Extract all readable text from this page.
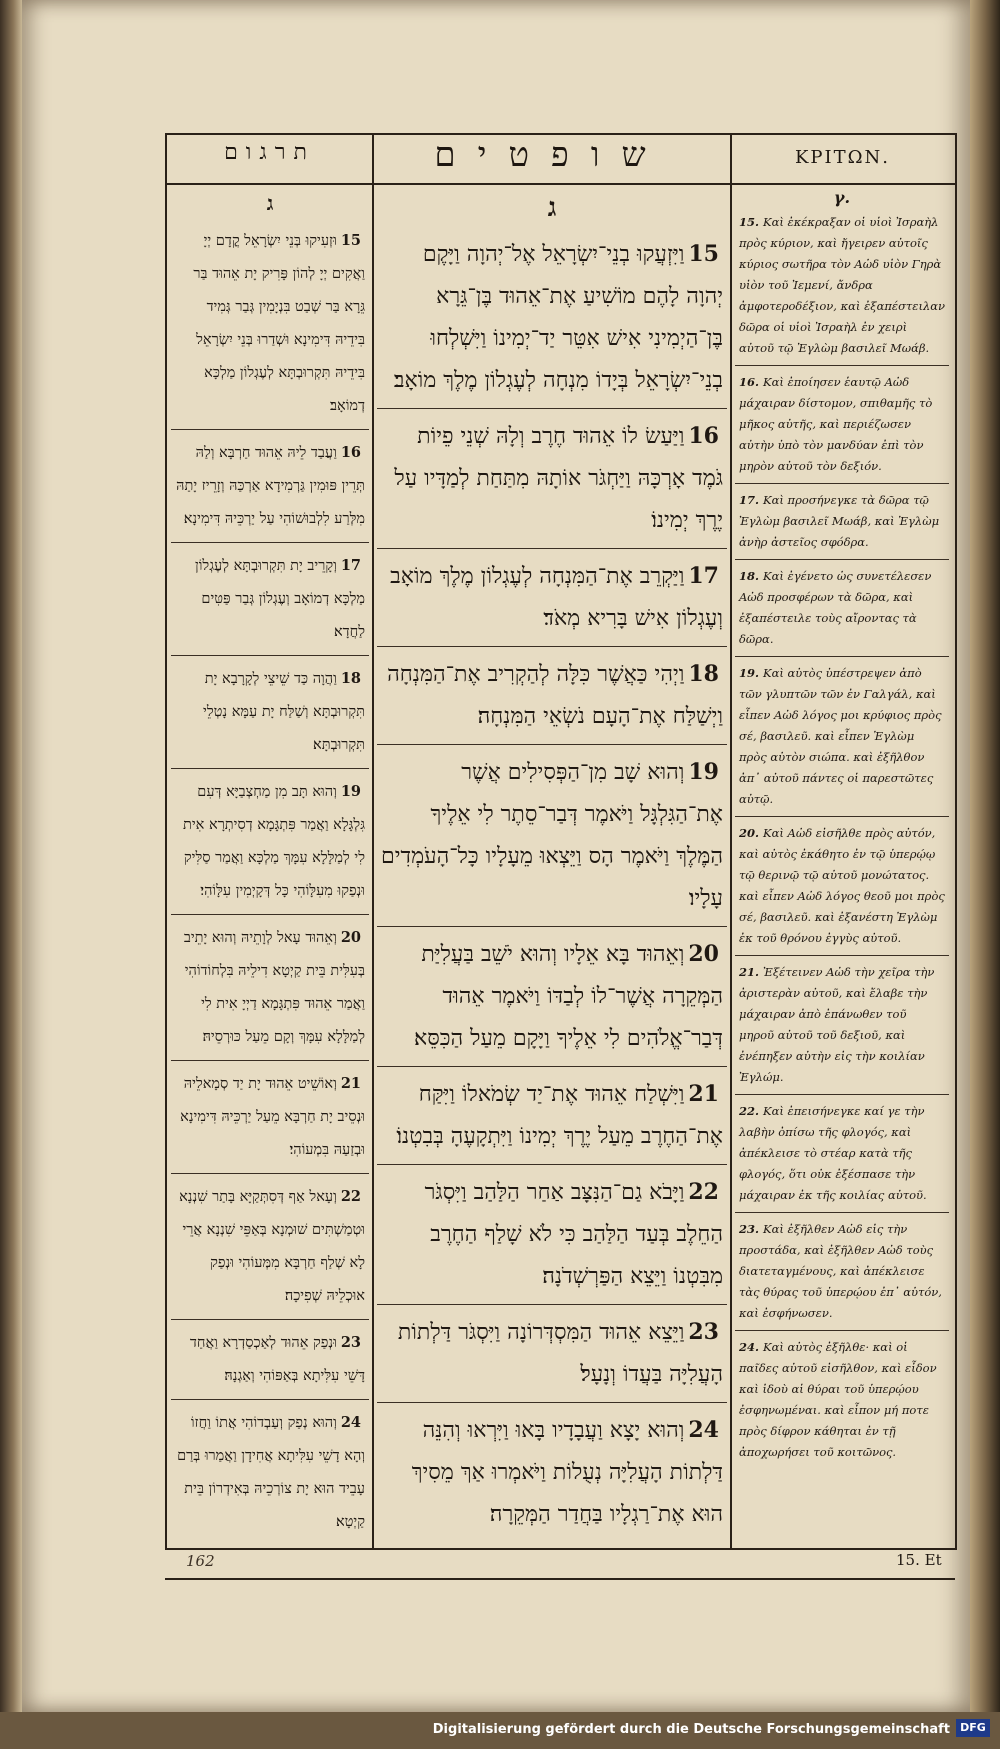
תרגום	שופטים	ΚΡΙΤΩΝ.
ג
15וּזְעִיקוּ בְּנֵי יִשְׂרָאֵל קֳדָם יְיָ וַאֲקִים יְיָ לְהוֹן פָּרִיק יָת אֵהוּד בַּר גֵּרָא בַּר שְׁבַט בִּנְיָמִין גְּבַר גְּמִיד בִּידֵיהּ דִּימִינָא וּשְׁדַרוּ בְּנֵי יִשְׂרָאֵל בִּידֵיהּ תִּקְרוּבְתָּא לְעֶגְלוֹן מַלְכָּא דְמוֹאָב׃
16וַעֲבַד לֵיהּ אֵהוּד חַרְבָּא וְלַהּ תְּרֵין פּוּמִין גַּרְמִידָא אַרְכַּהּ וְזָרֵיז יָתַהּ מִלְּרַע לִלְבוּשׁוֹהִי עַל יַרְכֵּיהּ דִּימִינָא׃
17וְקָרֵיב יָת תִּקְרוּבְתָּא לְעֶגְלוֹן מַלְכָּא דְמוֹאָב וְעֶגְלוֹן גְּבַר פַּטִּים לַחֲדָא׃
18וַהֲוָה כַּד שֵׁיצֵי לְקָרָבָא יָת תִּקְרוּבְתָּא וְשַׁלַּח יָת עַמָּא נָטְלֵי תִּקְרוּבְתָּא׃
19וְהוּא תָּב מִן מַחְצְבַיָּא דְּעִם גִּלְגָּלָא וַאֲמַר פִּתְגָּמָא דְסִיתְרָא אִית לִי לְמַלָּלָא עִמָּךְ מַלְכָּא וַאֲמַר סַלִּיק וּנְפַקוּ מִעִלָּוֹהִי כָּל דְּקָיְמִין עִלָּוֹהִי׃
20וְאֵהוּד עָאל לְוָתֵיהּ וְהוּא יָתֵיב בְּעִלִּית בֵּית קַיְטָא דִילֵיהּ בִּלְחוֹדוֹהִי וַאֲמַר אֵהוּד פִּתְגָּמָא דַיְיָ אִית לִי לְמַלָּלָא עִמָּךְ וְקָם מֵעַל כּוּרְסֵיהּ׃
21וְאוֹשֵׁיט אֵהוּד יָת יַד סְמָאלֵיהּ וּנְסֵיב יָת חַרְבָּא מֵעַל יַרְכֵּיהּ דִּימִינָא וּבְזַעַהּ בִּמְעוֹהִי׃
22וְעָאל אַף דְּסִתְּקַיָּא בָּתַר שִׁנְנָא וּטְמַשְׁתִּים שׁוּמְנָא בְּאַפֵּי שִׁנְנָא אֲרֵי לָא שְׁלַף חַרְבָּא מִמְּעוֹהִי וּנְפַק אוּכְלֵיהּ שְׁפִיכָה׃
23וּנְפַק אֵהוּד לְאַכְסַדְרָא וַאֲחַד דָּשֵׁי עִלִּיתָא בְּאַפּוֹהִי וְאַגְנָהּ׃
24וְהוּא נְפַק וְעַבְדוֹהִי אֲתוֹ וַחֲזוֹ וְהָא דָשֵׁי עִלִּיתָא אֲחִידָן וַאֲמַרוּ בְּרַם עָבֵיד הוּא יָת צוֹרְכֵיהּ בְּאִידְרוֹן בֵּית קַיְטָא׃
ג
15וַיִּזְעֲקוּ בְנֵי־יִשְׂרָאֵל אֶל־יְהוָה וַיָּקֶם יְהוָה לָהֶם מוֹשִׁיעַ אֶת־אֵהוּד בֶּן־גֵּרָא בֶּן־הַיְמִינִי אִישׁ אִטֵּר יַד־יְמִינוֹ וַיִּשְׁלְחוּ בְנֵי־יִשְׂרָאֵל בְּיָדוֹ מִנְחָה לְעֶגְלוֹן מֶלֶךְ מוֹאָב׃
16וַיַּעַשׂ לוֹ אֵהוּד חֶרֶב וְלָהּ שְׁנֵי פֵיוֹת גֹּמֶד אָרְכָּהּ וַיַּחְגֹּר אוֹתָהּ מִתַּחַת לְמַדָּיו עַל יֶרֶךְ יְמִינוֹ׃
17וַיַּקְרֵב אֶת־הַמִּנְחָה לְעֶגְלוֹן מֶלֶךְ מוֹאָב וְעֶגְלוֹן אִישׁ בָּרִיא מְאֹד׃
18וַיְהִי כַּאֲשֶׁר כִּלָּה לְהַקְרִיב אֶת־הַמִּנְחָה וַיְשַׁלַּח אֶת־הָעָם נֹשְׂאֵי הַמִּנְחָה׃
19וְהוּא שָׁב מִן־הַפְּסִילִים אֲשֶׁר אֶת־הַגִּלְגָּל וַיֹּאמֶר דְּבַר־סֵתֶר לִי אֵלֶיךָ הַמֶּלֶךְ וַיֹּאמֶר הָס וַיֵּצְאוּ מֵעָלָיו כָּל־הָעֹמְדִים עָלָיו׃
20וְאֵהוּד בָּא אֵלָיו וְהוּא יֹשֵׁב בַּעֲלִיַּת הַמְּקֵרָה אֲשֶׁר־לוֹ לְבַדּוֹ וַיֹּאמֶר אֵהוּד דְּבַר־אֱלֹהִים לִי אֵלֶיךָ וַיָּקָם מֵעַל הַכִּסֵּא׃
21וַיִּשְׁלַח אֵהוּד אֶת־יַד שְׂמֹאלוֹ וַיִּקַּח אֶת־הַחֶרֶב מֵעַל יֶרֶךְ יְמִינוֹ וַיִּתְקָעֶהָ בְּבִטְנוֹ׃
22וַיָּבֹא גַם־הַנִּצָּב אַחַר הַלַּהַב וַיִּסְגֹּר הַחֵלֶב בְּעַד הַלַּהַב כִּי לֹא שָׁלַף הַחֶרֶב מִבִּטְנוֹ וַיֵּצֵא הַפַּרְשְׁדֹנָה׃
23וַיֵּצֵא אֵהוּד הַמִּסְדְּרוֹנָה וַיִּסְגֹּר דַּלְתוֹת הָעֲלִיָּה בַּעֲדוֹ וְנָעָל׃
24וְהוּא יָצָא וַעֲבָדָיו בָּאוּ וַיִּרְאוּ וְהִנֵּה דַּלְתוֹת הָעֲלִיָּה נְעֻלוֹת וַיֹּאמְרוּ אַךְ מֵסִיךְ הוּא אֶת־רַגְלָיו בַּחֲדַר הַמְּקֵרָה׃
γ.
15. Καὶ ἐκέκραξαν οἱ υἱοὶ Ἰσραὴλ πρὸς κύριον, καὶ ἤγειρεν αὐτοῖς κύριος σωτῆρα τὸν Αὠδ υἱὸν Γηρὰ υἱὸν τοῦ Ἰεμενί, ἄνδρα ἀμφοτεροδέξιον, καὶ ἐξαπέστειλαν δῶρα οἱ υἱοὶ Ἰσραὴλ ἐν χειρὶ αὐτοῦ τῷ Ἐγλὼμ βασιλεῖ Μωάβ.
16. Καὶ ἐποίησεν ἑαυτῷ Αὠδ μάχαιραν δίστομον, σπιθαμῆς τὸ μῆκος αὐτῆς, καὶ περιέζωσεν αὐτὴν ὑπὸ τὸν μανδύαν ἐπὶ τὸν μηρὸν αὐτοῦ τὸν δεξιόν.
17. Καὶ προσήνεγκε τὰ δῶρα τῷ Ἐγλὼμ βασιλεῖ Μωάβ, καὶ Ἐγλὼμ ἀνὴρ ἀστεῖος σφόδρα.
18. Καὶ ἐγένετο ὡς συνετέλεσεν Αὠδ προσφέρων τὰ δῶρα, καὶ ἐξαπέστειλε τοὺς αἴροντας τὰ δῶρα.
19. Καὶ αὐτὸς ὑπέστρεψεν ἀπὸ τῶν γλυπτῶν τῶν ἐν Γαλγάλ, καὶ εἶπεν Αὠδ λόγος μοι κρύφιος πρὸς σέ, βασιλεῦ. καὶ εἶπεν Ἐγλὼμ πρὸς αὐτὸν σιώπα. καὶ ἐξῆλθον ἀπ᾽ αὐτοῦ πάντες οἱ παρεστῶτες αὐτῷ.
20. Καὶ Αὠδ εἰσῆλθε πρὸς αὐτόν, καὶ αὐτὸς ἐκάθητο ἐν τῷ ὑπερῴῳ τῷ θερινῷ τῷ αὐτοῦ μονώτατος. καὶ εἶπεν Αὠδ λόγος θεοῦ μοι πρὸς σέ, βασιλεῦ. καὶ ἐξανέστη Ἐγλὼμ ἐκ τοῦ θρόνου ἐγγὺς αὐτοῦ.
21. Ἐξέτεινεν Αὠδ τὴν χεῖρα τὴν ἀριστερὰν αὐτοῦ, καὶ ἔλαβε τὴν μάχαιραν ἀπὸ ἐπάνωθεν τοῦ μηροῦ αὐτοῦ τοῦ δεξιοῦ, καὶ ἐνέπηξεν αὐτὴν εἰς τὴν κοιλίαν Ἐγλώμ.
22. Καὶ ἐπεισήνεγκε καί γε τὴν λαβὴν ὀπίσω τῆς φλογός, καὶ ἀπέκλεισε τὸ στέαρ κατὰ τῆς φλογός, ὅτι οὐκ ἐξέσπασε τὴν μάχαιραν ἐκ τῆς κοιλίας αὐτοῦ.
23. Καὶ ἐξῆλθεν Αὠδ εἰς τὴν προστάδα, καὶ ἐξῆλθεν Αὠδ τοὺς διατεταγμένους, καὶ ἀπέκλεισε τὰς θύρας τοῦ ὑπερῴου ἐπ᾽ αὐτόν, καὶ ἐσφήνωσεν.
24. Καὶ αὐτὸς ἐξῆλθε· καὶ οἱ παῖδες αὐτοῦ εἰσῆλθον, καὶ εἶδον καὶ ἰδοὺ αἱ θύραι τοῦ ὑπερῴου ἐσφηνωμέναι. καὶ εἶπον μή ποτε πρὸς δίφρον κάθηται ἐν τῇ ἀποχωρήσει τοῦ κοιτῶνος.
162	15. Et
Digitalisierung gefördert durch die Deutsche Forschungsgemeinschaft DFG
